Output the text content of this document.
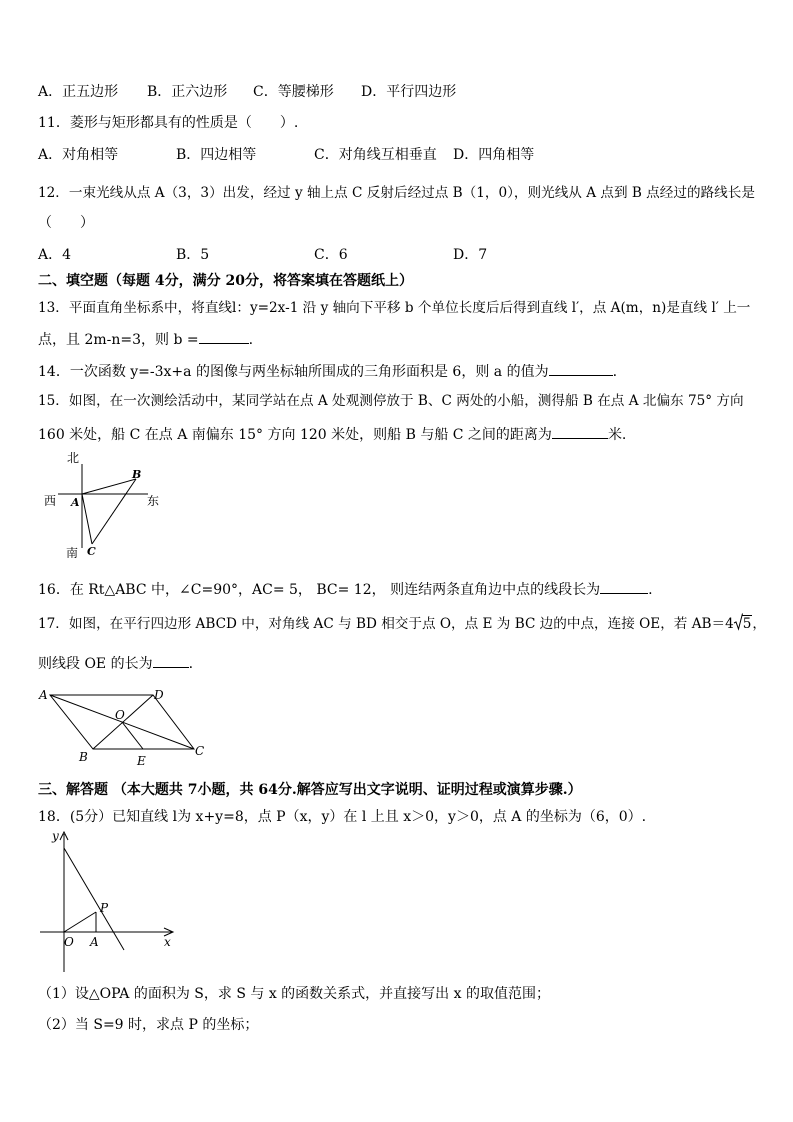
A．正五边形 B．正六边形 C．等腰梯形 D．平行四边形
11．菱形与矩形都具有的性质是（　　）.
A．对角相等	B．四边相等	C．对角线互相垂直 D．四角相等
12．一束光线从点 A（3，3）出发，经过 y 轴上点 C 反射后经过点 B（1，0），则光线从 A 点到 B 点经过的路线长是
（　　）
A．4	B．5	C．6	D．7
二、填空题（每题 4分，满分 20分，将答案填在答题纸上）
13．平面直角坐标系中，将直线l：y=2x-1 沿 y 轴向下平移 b 个单位长度后后得到直线 l′，点 A(m，n)是直线 l′ 上一
点，且 2m-n=3，则 b =	.
14．一次函数 y=-3x+a 的图像与两坐标轴所围成的三角形面积是 6，则 a 的值为	.
15．如图，在一次测绘活动中，某同学站在点 A 处观测停放于 B、C 两处的小船，测得船 B 在点 A 北偏东 75° 方向
160 米处，船 C 在点 A 南偏东 15° 方向 120 米处，则船 B 与船 C 之间的距离为	米.
北
西	东
南
A
B
C
16．在 Rt△ABC 中，∠C=90°，AC= 5， BC= 12， 则连结两条直角边中点的线段长为	.
17．如图，在平行四边形 ABCD 中，对角线 AC 与 BD 相交于点 O，点 E 为 BC 边的中点，连接 OE，若 AB＝4 5，
则线段 OE 的长为	.
A	D
O
B	E
C
三、解答题 （本大题共 7小题，共 64分.解答应写出文字说明、证明过程或演算步骤.）
18．(5分）已知直线 l为 x+y=8，点 P（x，y）在 l 上且 x＞0，y＞0，点 A 的坐标为（6，0）.
y
x
O A
P
（1）设△OPA 的面积为 S，求 S 与 x 的函数关系式，并直接写出 x 的取值范围；
（2）当 S=9 时，求点 P 的坐标；
